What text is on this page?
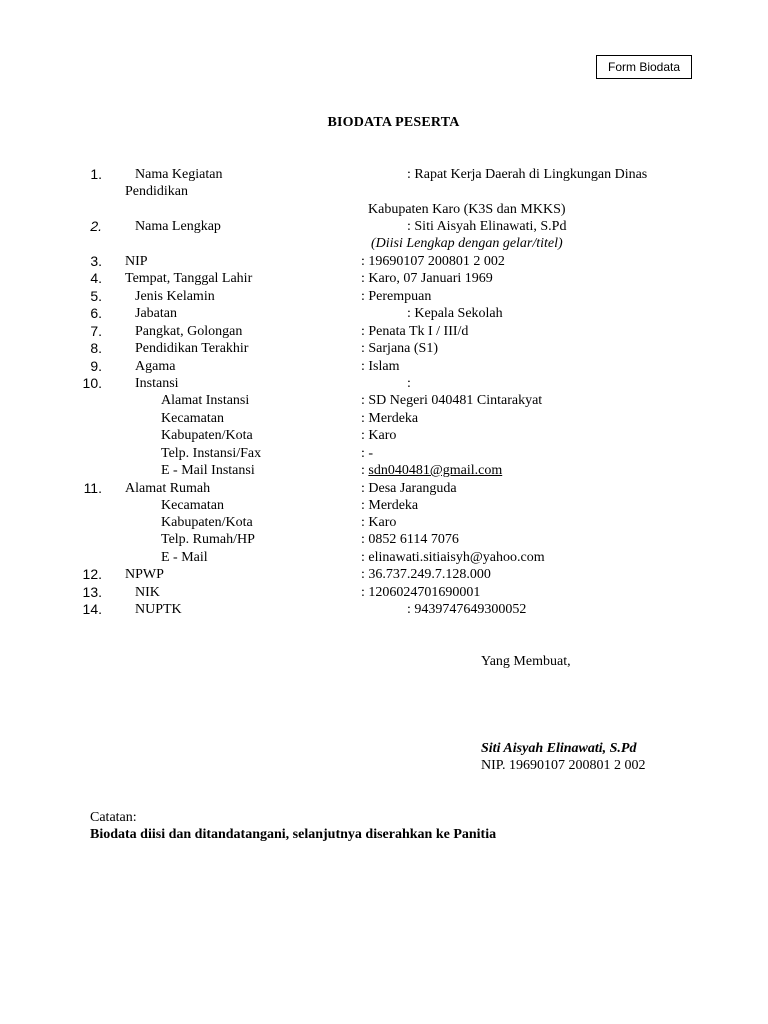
Form Biodata
BIODATA PESERTA
1. Nama Kegiatan	: Rapat Kerja Daerah di Lingkungan Dinas
Pendidikan
Kabupaten Karo (K3S dan MKKS)
2. Nama Lengkap	: Siti Aisyah Elinawati, S.Pd
(Diisi Lengkap dengan gelar/titel)
3. NIP	: 19690107 200801 2 002
4. Tempat, Tanggal Lahir	: Karo, 07 Januari 1969
5. Jenis Kelamin	: Perempuan
6. Jabatan	: Kepala Sekolah
7. Pangkat, Golongan	: Penata Tk I / III/d
8. Pendidikan Terakhir	: Sarjana (S1)
9. Agama	: Islam
10. Instansi	:
Alamat Instansi	: SD Negeri 040481 Cintarakyat
Kecamatan	: Merdeka
Kabupaten/Kota	: Karo
Telp. Instansi/Fax	: -
E - Mail Instansi	: sdn040481@gmail.com
11. Alamat Rumah	: Desa Jaranguda
Kecamatan	: Merdeka
Kabupaten/Kota	: Karo
Telp. Rumah/HP	: 0852 6114 7076
E - Mail	: elinawati.sitiaisyh@yahoo.com
12. NPWP	: 36.737.249.7.128.000
13. NIK	: 1206024701690001
14. NUPTK	: 9439747649300052
Yang Membuat,
Siti Aisyah Elinawati, S.Pd
NIP. 19690107 200801 2 002
Catatan:
Biodata diisi dan ditandatangani, selanjutnya diserahkan ke Panitia
